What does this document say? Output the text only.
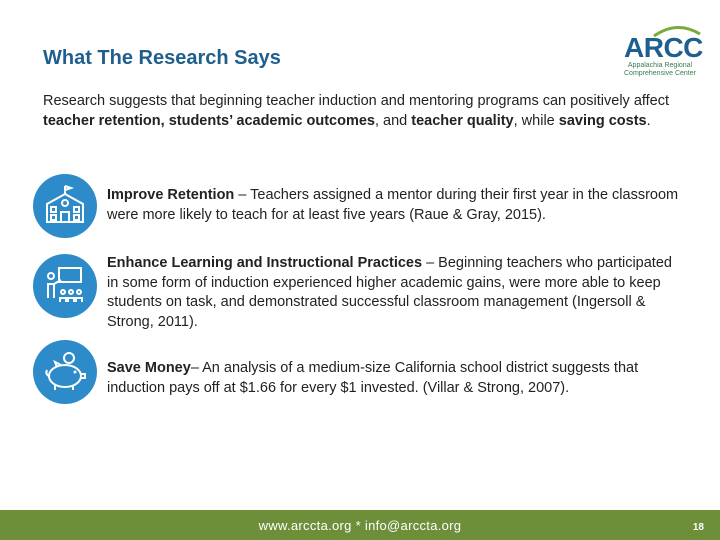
What The Research Says	ARCC
Appalachia Regional Comprehensive Center
Research suggests that beginning teacher induction and mentoring programs can positively affect teacher retention, students’ academic outcomes, and teacher quality, while saving costs.
Improve Retention – Teachers assigned a mentor during their first year in the classroom were more likely to teach for at least five years (Raue & Gray, 2015).
Enhance Learning and Instructional Practices – Beginning teachers who participated in some form of induction experienced higher academic gains, were more able to keep students on task, and demonstrated successful classroom management (Ingersoll & Strong, 2011).
Save Money– An analysis of a medium-size California school district suggests that induction pays off at $1.66 for every $1 invested. (Villar & Strong, 2007).
www.arccta.org * info@arccta.org	18
